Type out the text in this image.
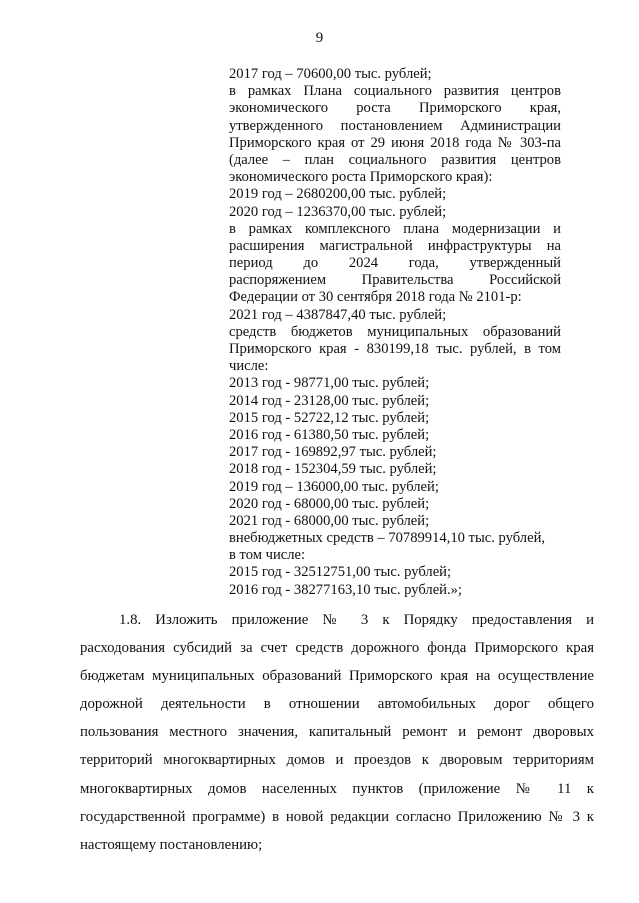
9
2017 год – 70600,00 тыс. рублей;
в рамках Плана социального развития центров
экономического роста Приморского края,
утвержденного постановлением Администрации
Приморского края от 29 июня 2018 года № 303-па
(далее – план социального развития центров
экономического роста Приморского края):
2019 год – 2680200,00 тыс. рублей;
2020 год – 1236370,00 тыс. рублей;
в рамках комплексного плана модернизации и
расширения магистральной инфраструктуры на
период до 2024 года, утвержденный
распоряжением Правительства Российской
Федерации от 30 сентября 2018 года № 2101-р:
2021 год – 4387847,40 тыс. рублей;
средств бюджетов муниципальных образований
Приморского края - 830199,18 тыс. рублей, в том
числе:
2013 год - 98771,00 тыс. рублей;
2014 год - 23128,00 тыс. рублей;
2015 год - 52722,12 тыс. рублей;
2016 год - 61380,50 тыс. рублей;
2017 год - 169892,97 тыс. рублей;
2018 год - 152304,59 тыс. рублей;
2019 год – 136000,00 тыс. рублей;
2020 год - 68000,00 тыс. рублей;
2021 год - 68000,00 тыс. рублей;
внебюджетных средств – 70789914,10 тыс. рублей,
в том числе:
2015 год - 32512751,00 тыс. рублей;
2016 год - 38277163,10 тыс. рублей.»;
1.8. Изложить приложение № 3 к Порядку предоставления и
расходования субсидий за счет средств дорожного фонда Приморского края
бюджетам муниципальных образований Приморского края на осуществление
дорожной деятельности в отношении автомобильных дорог общего
пользования местного значения, капитальный ремонт и ремонт дворовых
территорий многоквартирных домов и проездов к дворовым территориям
многоквартирных домов населенных пунктов (приложение № 11 к
государственной программе) в новой редакции согласно Приложению № 3 к
настоящему постановлению;
